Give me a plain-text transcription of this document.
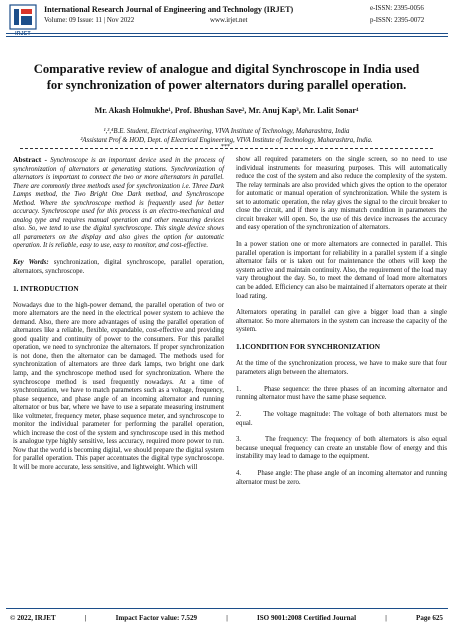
IRJET
International Research Journal of Engineering and Technology (IRJET)	e-ISSN: 2395-0056
Volume: 09 Issue: 11 | Nov 2022	www.irjet.net	p-ISSN: 2395-0072
Comparative review of analogue and digital Synchroscope in India used
for synchronization of power alternators during parallel operation.
Mr. Akash Holmukhe¹, Prof. Bhushan Save², Mr. Anuj Kap³, Mr. Lalit Sonar⁴
¹,³,⁴B.E. Student, Electrical engineering, VIVA Institute of Technology, Maharashtra, India
²Assistant Prof & HOD, Dept. of Electrical Engineering, VIVA Institute of Technology, Maharashtra, India.
***

Abstract - Synchroscope is an important device used in the process of synchronization of alternators at generating stations. Synchronization of alternators is important to connect the two or more alternators in parallel. There are commonly three methods used for synchronization i.e. Three Dark Lamps method, the Two Bright One Dark method, and Synchroscope Method. Where the synchroscope method is frequently used for better accuracy. Synchroscope used for this process is an electro-mechanical and analog type and requires manual operation and other measuring devices also. So, we tend to use the digital synchroscope. This single device shows all parameters on the display and also gives the option for automatic operation. It is reliable, easy to use, easy to monitor, and cost-effective.

Key Words: synchronization, digital synchroscope, parallel operation, alternators, synchroscope.

1. INTRODUCTION

Nowadays due to the high-power demand, the parallel operation of two or more alternators are the need in the electrical power system to achieve the demand. Also, there are more advantages of using the parallel operation of alternators like a reliable, flexible, expandable, cost-effective and providing good quality and continuity of power to the consumers. For this parallel operation, we need to synchronize the alternators. If proper synchronization is not done, then the alternator can be damaged. The methods used for synchronization of alternators are three dark lamps, two bright one dark lamp, and the synchroscope method used for synchronization. Where the synchroscope method is used frequently nowadays. At a time of synchronization, we have to match parameters such as a voltage, frequency, phase sequence, and phase angle of an incoming alternator and running alternator or bus bar, where we have to use a separate measuring instrument like voltmeter, frequency meter, phase sequence meter, and synchroscope to monitor the individual parameter for performing the parallel operation, which increase the cost of the system and synchroscope used in this method is analogue type highly sensitive, less accuracy, required more power to run. Now that the world is becoming digital, we should prepare the digital system for parallel operation. This paper accentuates the digital type synchroscope. It will be more accurate, less sensitive, and lightweight. Which will

show all required parameters on the single screen, so no need to use individual instruments for measuring purposes. This will automatically reduce the cost of the system and also reduce the complexity of the system. The relay terminals are also provided which gives the option to the operator for automatic or manual operation of synchronization. While the system is set to automatic operation, the relay gives the signal to the circuit breaker to close the circuit, and if there is any mismatch condition in parameters the circuit breaker will open. So, the use of this device increases the accuracy and easy operation of the synchronization of alternators.

In a power station one or more alternators are connected in parallel. This parallel operation is important for reliability in a parallel system if a single alternator fails or is taken out for maintenance the others will keep the system active and maintain continuity. Also, the requirement of the load may vary throughout the day. So, to meet the demand of load more alternators can be added. Efficiency can also be maintained if alternators operate at their load rating.

Alternators operating in parallel can give a bigger load than a single alternator. So more alternators in the system can increase the capacity of the system.

1.1CONDITION FOR SYNCHRONIZATION

At the time of the synchronization process, we have to make sure that four parameters align between the alternators.

1.        Phase sequence: the three phases of an incoming alternator and running alternator must have the same phase sequence.

2.        The voltage magnitude: The voltage of both alternators must be equal.

3.        The frequency: The frequency of both alternators is also equal because unequal frequency can create an unstable flow of energy and this instability may lead to damage to the equipment.

4.        Phase angle: The phase angle of an incoming alternator and running alternator must be zero.

© 2022, IRJET	|	Impact Factor value: 7.529	|	ISO 9001:2008 Certified Journal	|	Page 625
